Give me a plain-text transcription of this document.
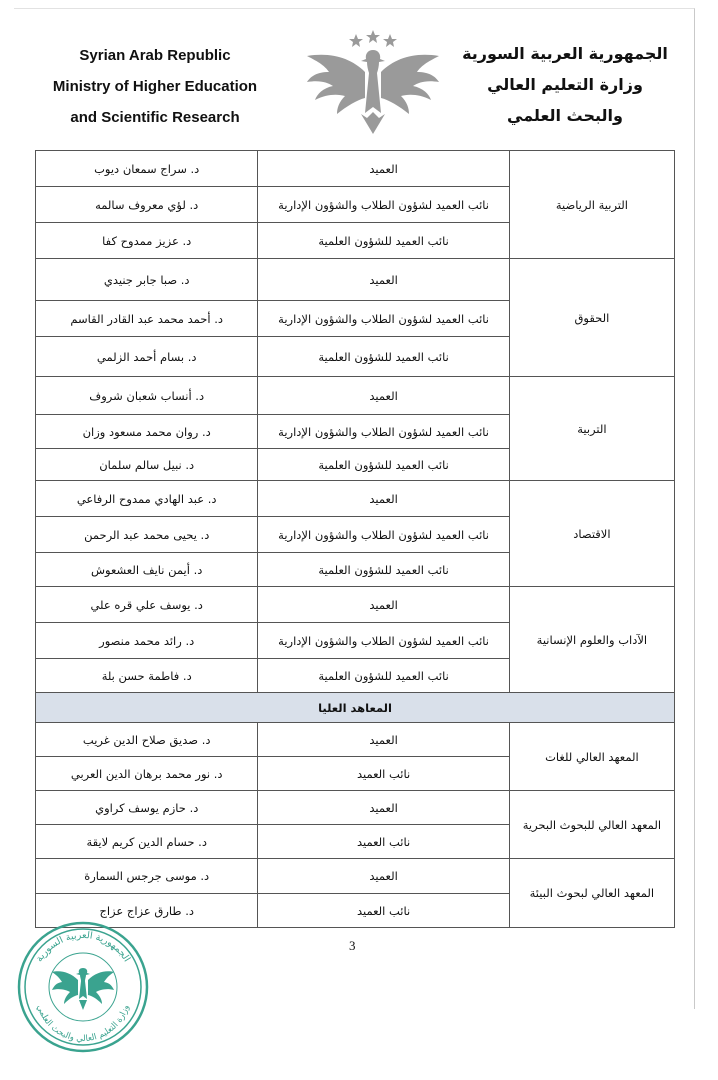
Syrian Arab Republic
Ministry of Higher Education
and Scientific Research
الجمهورية العربية السورية
وزارة التعليم العالي
والبحث العلمي
التربية الرياضية	العميد	د. سراج سمعان ديوب
	نائب العميد لشؤون الطلاب والشؤون الإدارية	د. لؤي معروف سالمه
	نائب العميد للشؤون العلمية	د. عزيز ممدوح كفا
الحقوق	العميد	د. صبا جابر جنيدي
	نائب العميد لشؤون الطلاب والشؤون الإدارية	د. أحمد محمد عبد القادر القاسم
	نائب العميد للشؤون العلمية	د. بسام أحمد الزلمي
التربية	العميد	د. أنساب شعبان شروف
	نائب العميد لشؤون الطلاب والشؤون الإدارية	د. روان محمد مسعود وزان
	نائب العميد للشؤون العلمية	د. نبيل سالم سلمان
الاقتصاد	العميد	د. عبد الهادي ممدوح الرفاعي
	نائب العميد لشؤون الطلاب والشؤون الإدارية	د. يحيى محمد عبد الرحمن
	نائب العميد للشؤون العلمية	د. أيمن نايف العشعوش
الآداب والعلوم الإنسانية	العميد	د. يوسف علي قره علي
	نائب العميد لشؤون الطلاب والشؤون الإدارية	د. رائد محمد منصور
	نائب العميد للشؤون العلمية	د. فاطمة حسن بلة
المعاهد العليا		
المعهد العالي للغات	العميد	د. صديق صلاح الدين غريب
	نائب العميد	د. نور محمد برهان الدين العربي
المعهد العالي للبحوث البحرية	العميد	د. حازم يوسف كراوي
	نائب العميد	د. حسام الدين كريم لايقة
المعهد العالي لبحوث البيئة	العميد	د. موسى جرجس السمارة
	نائب العميد	د. طارق عزاج عزاج
3
الجمهورية العربية السورية
وزارة التعليم العالي والبحث العلمي
